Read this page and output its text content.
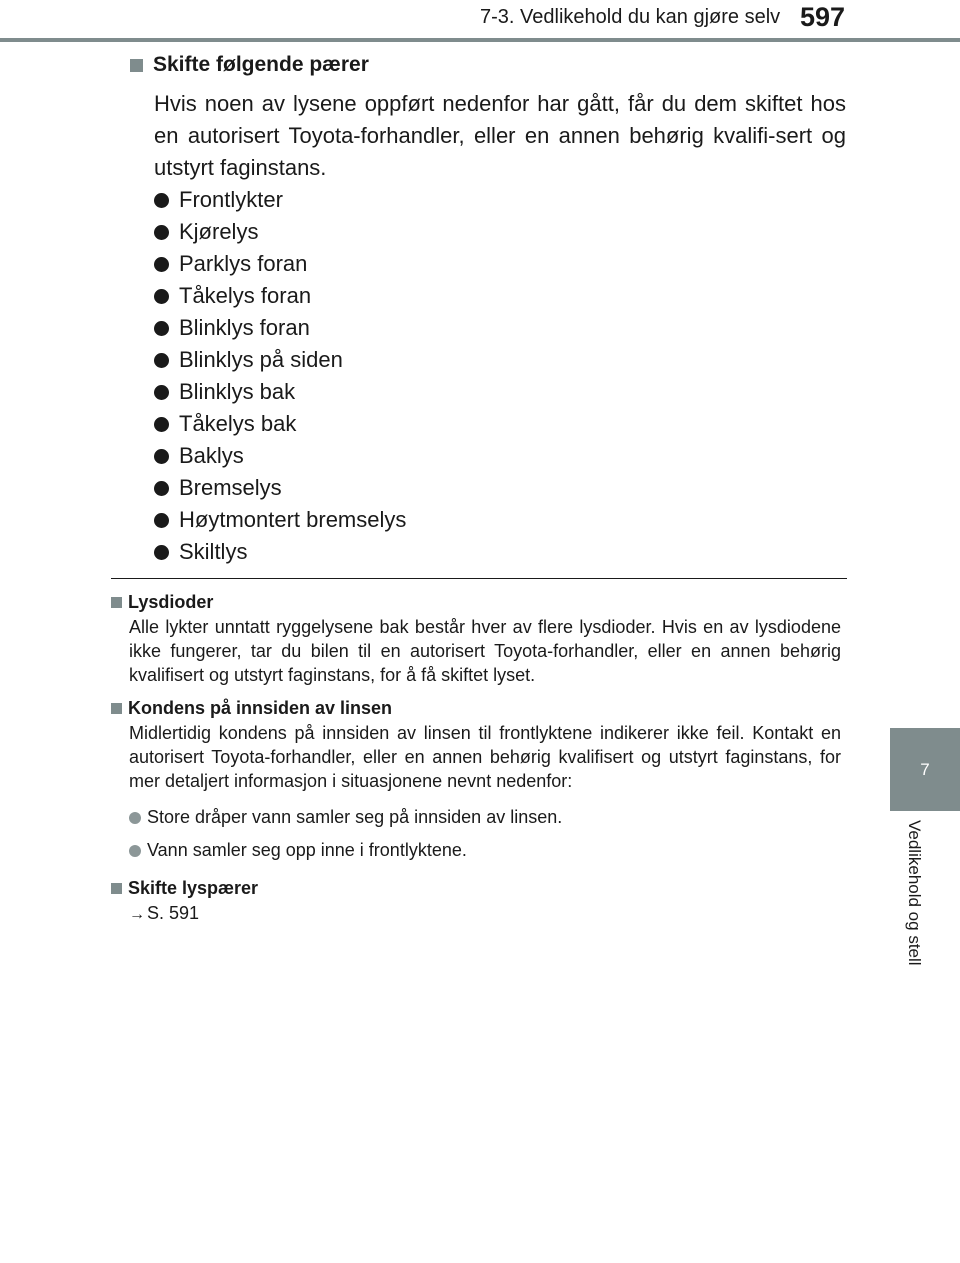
7-3. Vedlikehold du kan gjøre selv 597
7
Vedlikehold og stell
Skifte følgende pærer
Hvis noen av lysene oppført nedenfor har gått, får du dem skiftet hos en autorisert Toyota-forhandler, eller en annen behørig kvalifi-sert og utstyrt faginstans.
Frontlykter
Kjørelys
Parklys foran
Tåkelys foran
Blinklys foran
Blinklys på siden
Blinklys bak
Tåkelys bak
Baklys
Bremselys
Høytmontert bremselys
Skiltlys
Lysdioder
Alle lykter unntatt ryggelysene bak består hver av flere lysdioder. Hvis en av lysdiodene ikke fungerer, tar du bilen til en autorisert Toyota-forhandler, eller en annen behørig kvalifisert og utstyrt faginstans, for å få skiftet lyset.
Kondens på innsiden av linsen
Midlertidig kondens på innsiden av linsen til frontlyktene indikerer ikke feil. Kontakt en autorisert Toyota-forhandler, eller en annen behørig kvalifisert og utstyrt faginstans, for mer detaljert informasjon i situasjonene nevnt nedenfor:
Store dråper vann samler seg på innsiden av linsen.
Vann samler seg opp inne i frontlyktene.
Skifte lyspærer
→ S. 591
